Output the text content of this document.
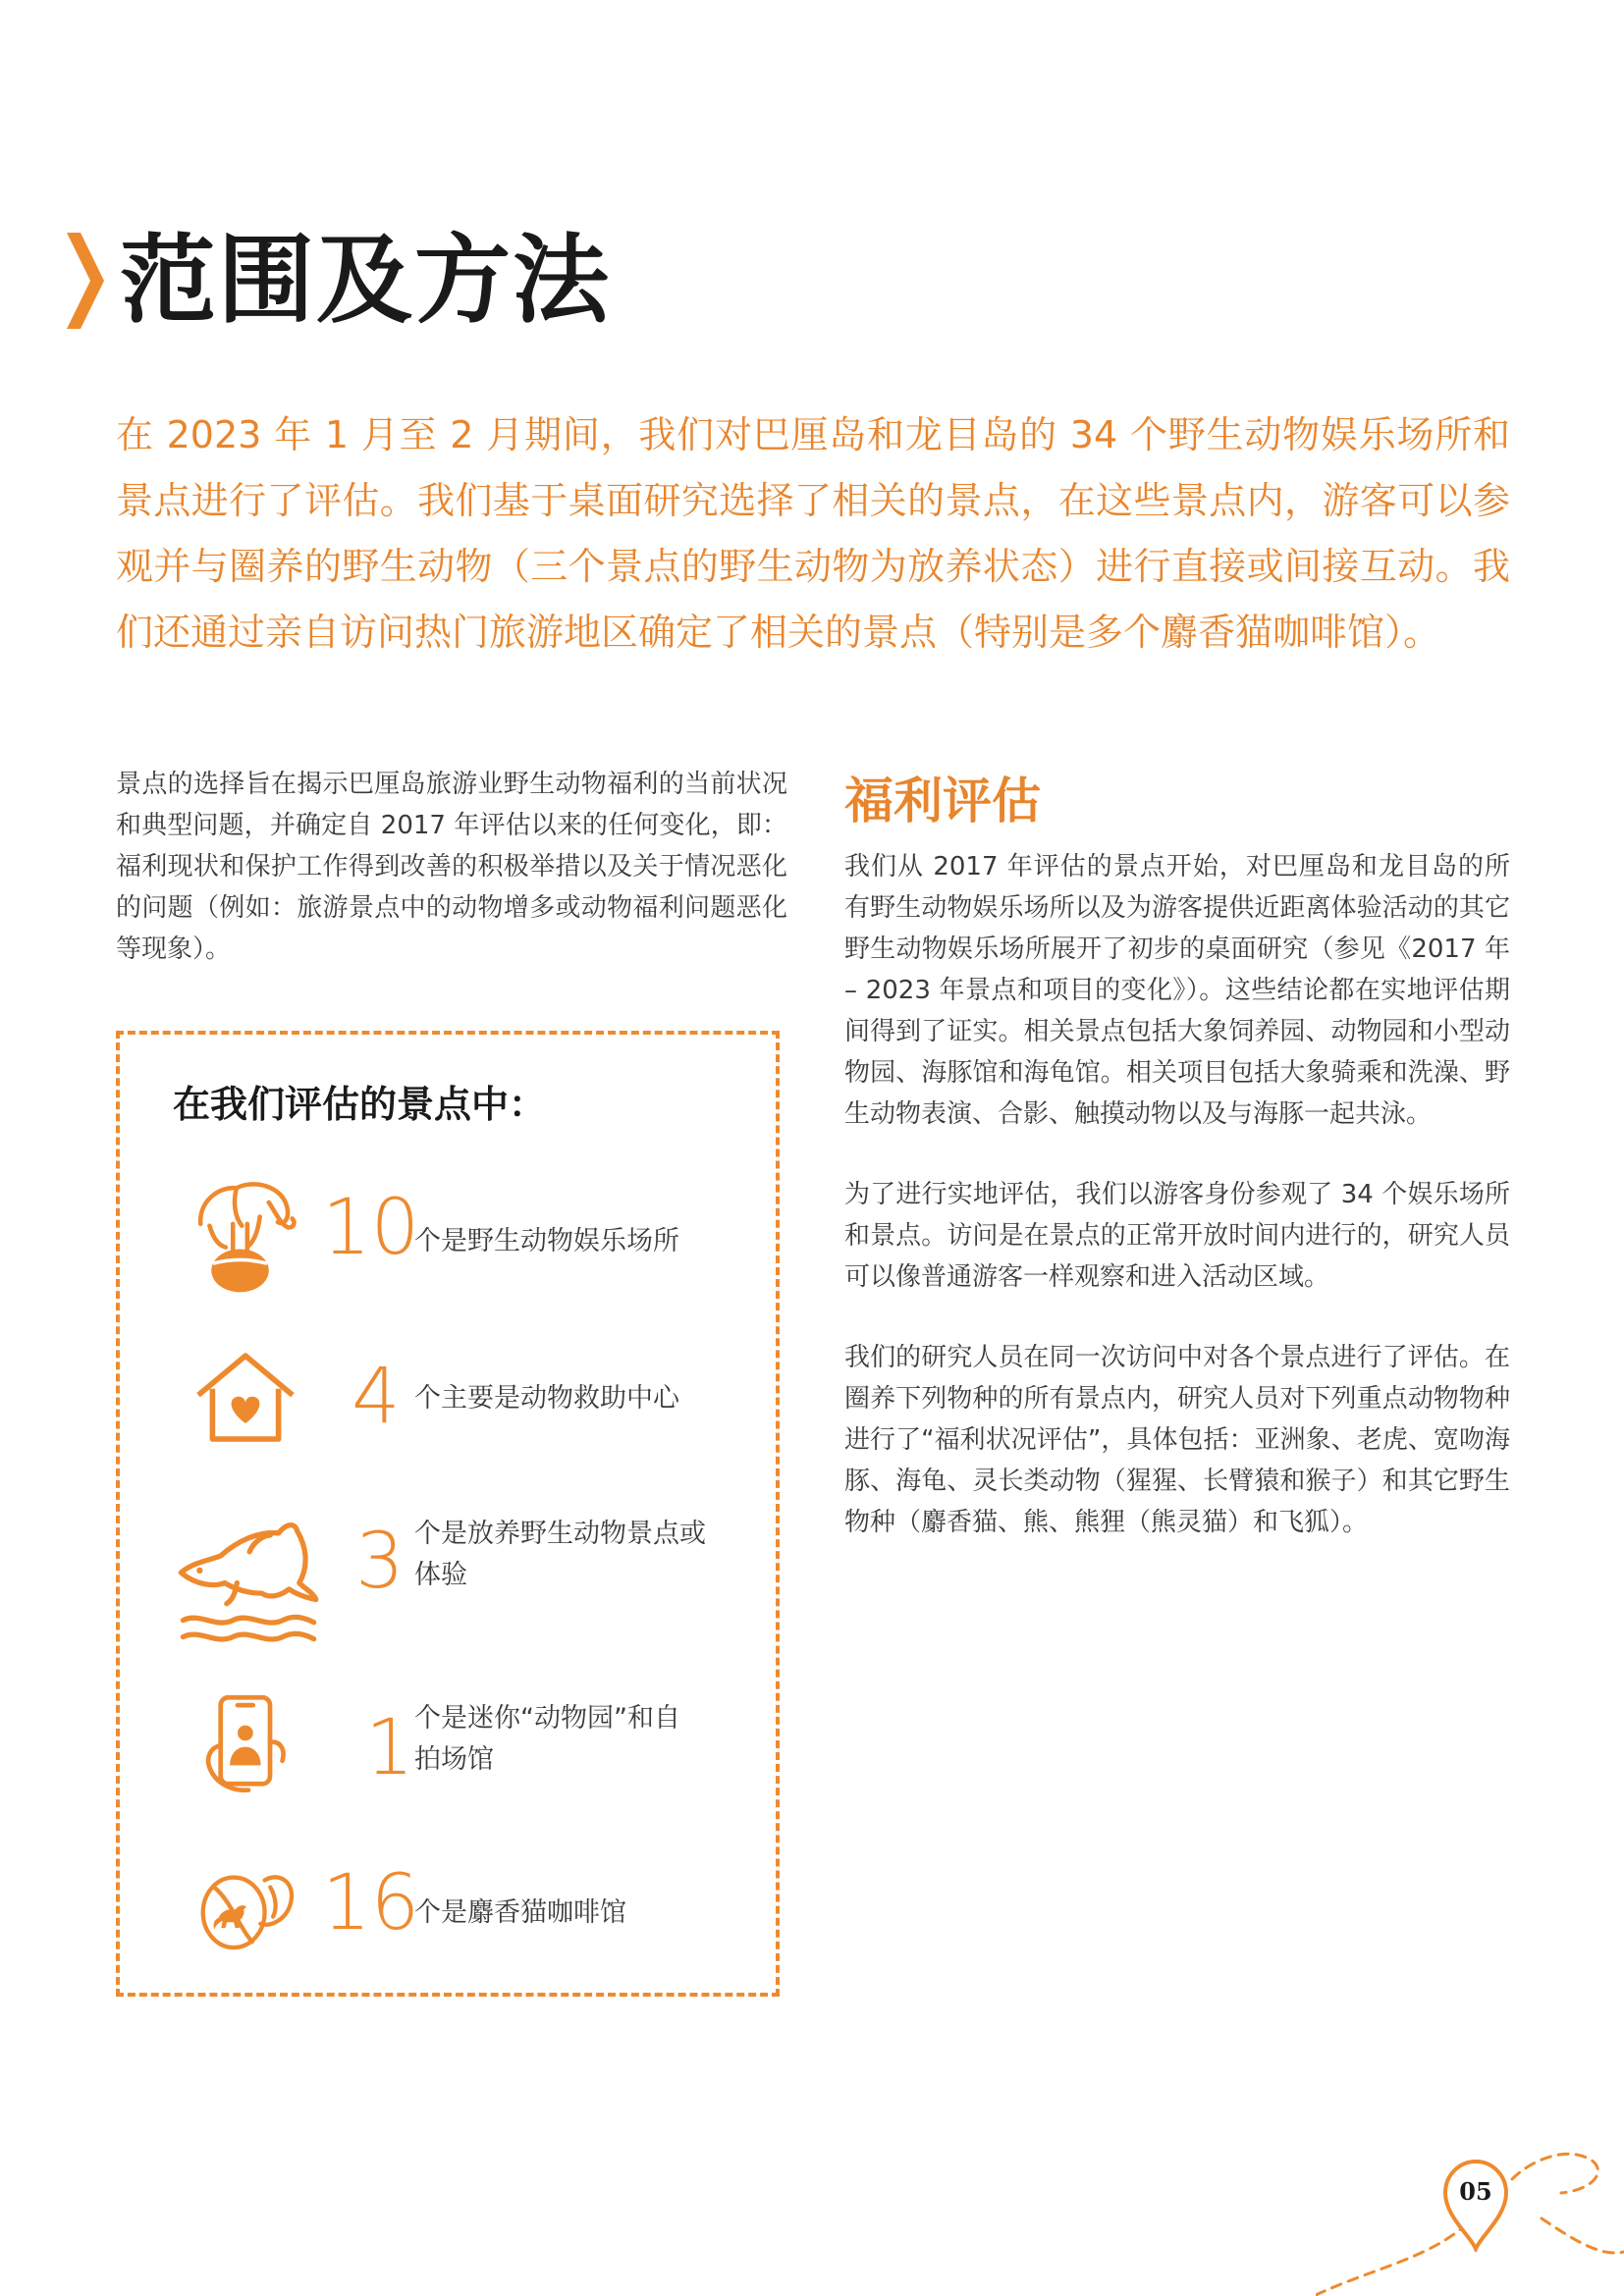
范围及方法
在 2023 年 1 月至 2 月期间，我们对巴厘岛和龙目岛的 34 个野生动物娱乐场所和景点进行了评估。我们基于桌面研究选择了相关的景点，在这些景点内，游客可以参观并与圈养的野生动物（三个景点的野生动物为放养状态）进行直接或间接互动。我们还通过亲自访问热门旅游地区确定了相关的景点（特别是多个麝香猫咖啡馆）。
景点的选择旨在揭示巴厘岛旅游业野生动物福利的当前状况和典型问题，并确定自 2017 年评估以来的任何变化，即：福利现状和保护工作得到改善的积极举措以及关于情况恶化的问题（例如：旅游景点中的动物增多或动物福利问题恶化等现象）。
在我们评估的景点中：
10
个是野生动物娱乐场所
4 个主要是动物救助中心
3 个是放养野生动物景点或体验
1 个是迷你“动物园”和自拍场馆
16
个是麝香猫咖啡馆
福利评估

我们从 2017 年评估的景点开始，对巴厘岛和龙目岛的所有野生动物娱乐场所以及为游客提供近距离体验活动的其它野生动物娱乐场所展开了初步的桌面研究（参见《2017 年 – 2023 年景点和项目的变化》）。这些结论都在实地评估期间得到了证实。相关景点包括大象饲养园、动物园和小型动物园、海豚馆和海龟馆。相关项目包括大象骑乘和洗澡、野生动物表演、合影、触摸动物以及与海豚一起共泳。

为了进行实地评估，我们以游客身份参观了 34 个娱乐场所和景点。访问是在景点的正常开放时间内进行的，研究人员可以像普通游客一样观察和进入活动区域。

我们的研究人员在同一次访问中对各个景点进行了评估。在圈养下列物种的所有景点内，研究人员对下列重点动物物种进行了“福利状况评估”，具体包括：亚洲象、老虎、宽吻海豚、海龟、灵长类动物（猩猩、长臂猿和猴子）和其它野生物种（麝香猫、熊、熊狸（熊灵猫）和飞狐）。

05
